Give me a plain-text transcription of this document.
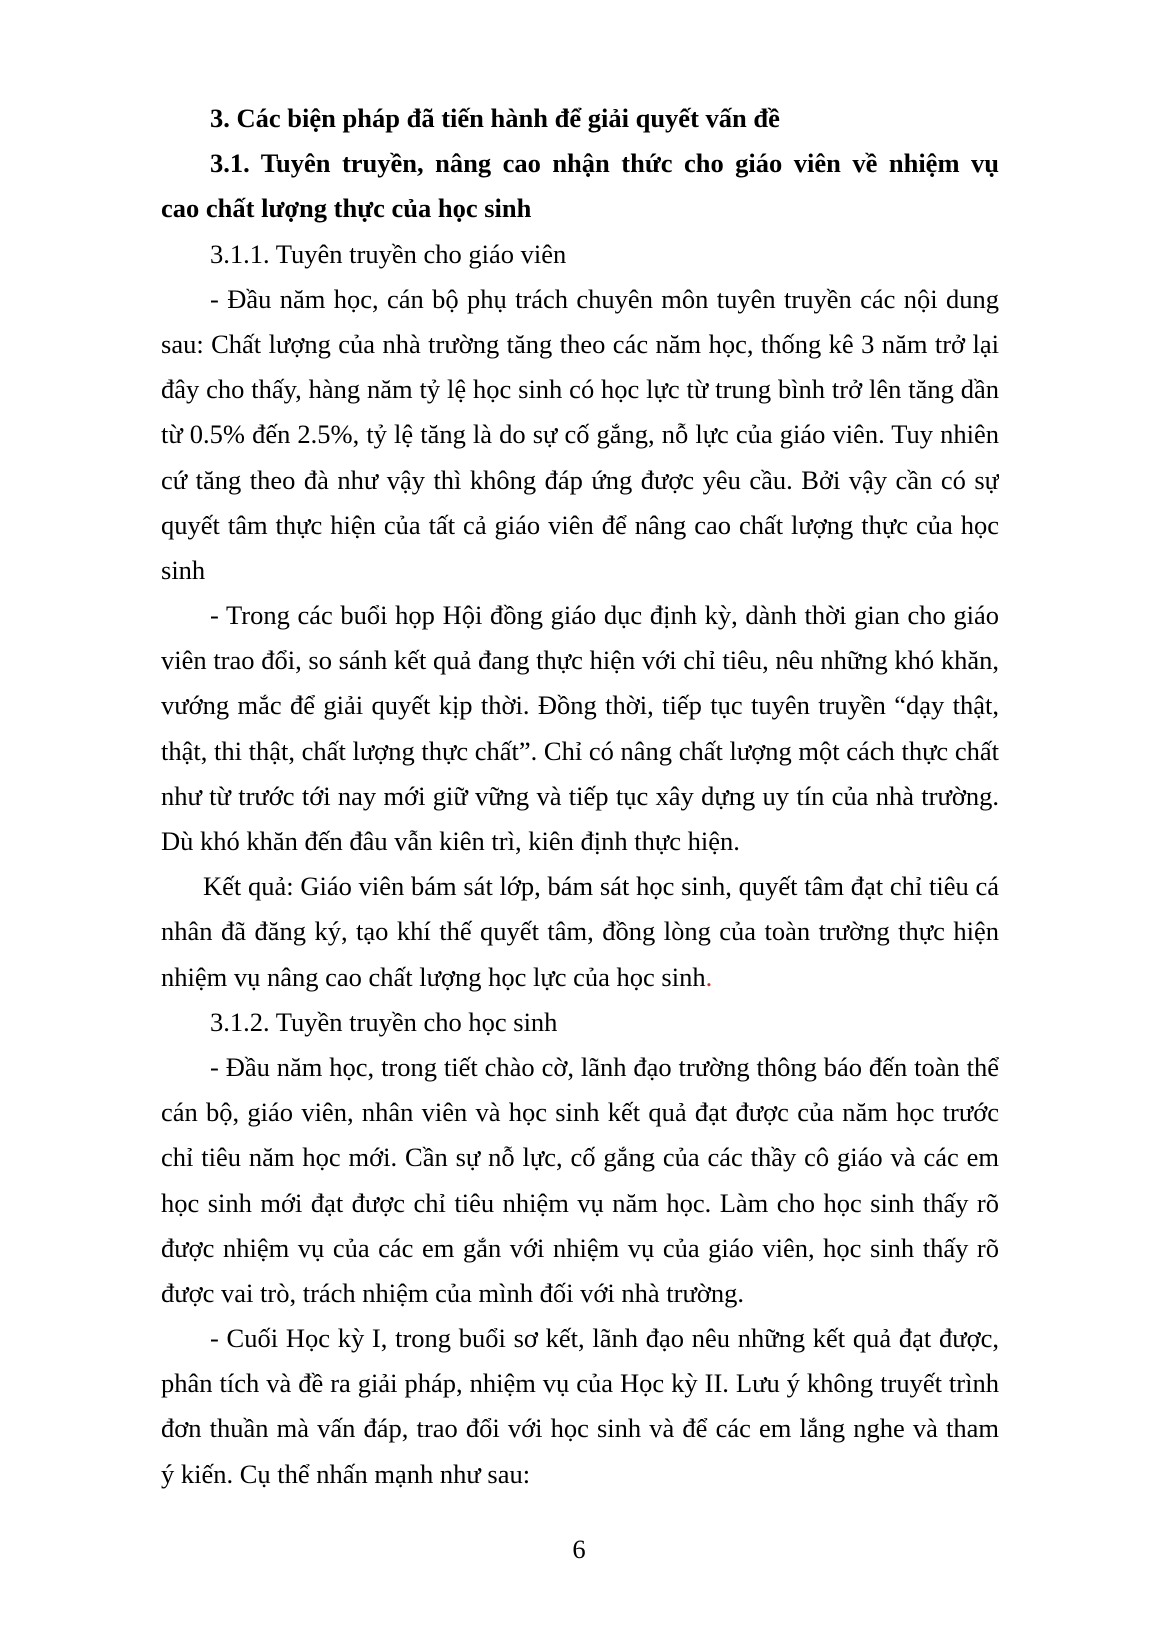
3. Các biện pháp đã tiến hành để giải quyết vấn đề
3.1. Tuyên truyền, nâng cao nhận thức cho giáo viên về nhiệm vụ
cao chất lượng thực của học sinh
3.1.1. Tuyên truyền cho giáo viên
- Đầu năm học, cán bộ phụ trách chuyên môn tuyên truyền các nội dung
sau: Chất lượng của nhà trường tăng theo các năm học, thống kê 3 năm trở lại
đây cho thấy, hàng năm tỷ lệ học sinh có học lực từ trung bình trở lên tăng dần
từ 0.5% đến 2.5%, tỷ lệ tăng là do sự cố gắng, nỗ lực của giáo viên. Tuy nhiên
cứ tăng theo đà như vậy thì không đáp ứng được yêu cầu. Bởi vậy cần có sự
quyết tâm thực hiện của tất cả giáo viên để nâng cao chất lượng thực của học
sinh
- Trong các buổi họp Hội đồng giáo dục định kỳ, dành thời gian cho giáo
viên trao đổi, so sánh kết quả đang thực hiện với chỉ tiêu, nêu những khó khăn,
vướng mắc để giải quyết kịp thời. Đồng thời, tiếp tục tuyên truyền “dạy thật,
thật, thi thật, chất lượng thực chất”. Chỉ có nâng chất lượng một cách thực chất
như từ trước tới nay mới giữ vững và tiếp tục xây dựng uy tín của nhà trường.
Dù khó khăn đến đâu vẫn kiên trì, kiên định thực hiện.
Kết quả: Giáo viên bám sát lớp, bám sát học sinh, quyết tâm đạt chỉ tiêu cá
nhân đã đăng ký, tạo khí thế quyết tâm, đồng lòng của toàn trường thực hiện
nhiệm vụ nâng cao chất lượng học lực của học sinh.
3.1.2. Tuyền truyền cho học sinh
- Đầu năm học, trong tiết chào cờ, lãnh đạo trường thông báo đến toàn thể
cán bộ, giáo viên, nhân viên và học sinh kết quả đạt được của năm học trước
chỉ tiêu năm học mới. Cần sự nỗ lực, cố gắng của các thầy cô giáo và các em
học sinh mới đạt được chỉ tiêu nhiệm vụ năm học. Làm cho học sinh thấy rõ
được nhiệm vụ của các em gắn với nhiệm vụ của giáo viên, học sinh thấy rõ
được vai trò, trách nhiệm của mình đối với nhà trường.
- Cuối Học kỳ I, trong buổi sơ kết, lãnh đạo nêu những kết quả đạt được,
phân tích và đề ra giải pháp, nhiệm vụ của Học kỳ II. Lưu ý không truyết trình
đơn thuần mà vấn đáp, trao đổi với học sinh và để các em lắng nghe và tham
ý kiến. Cụ thể nhấn mạnh như sau:
6
